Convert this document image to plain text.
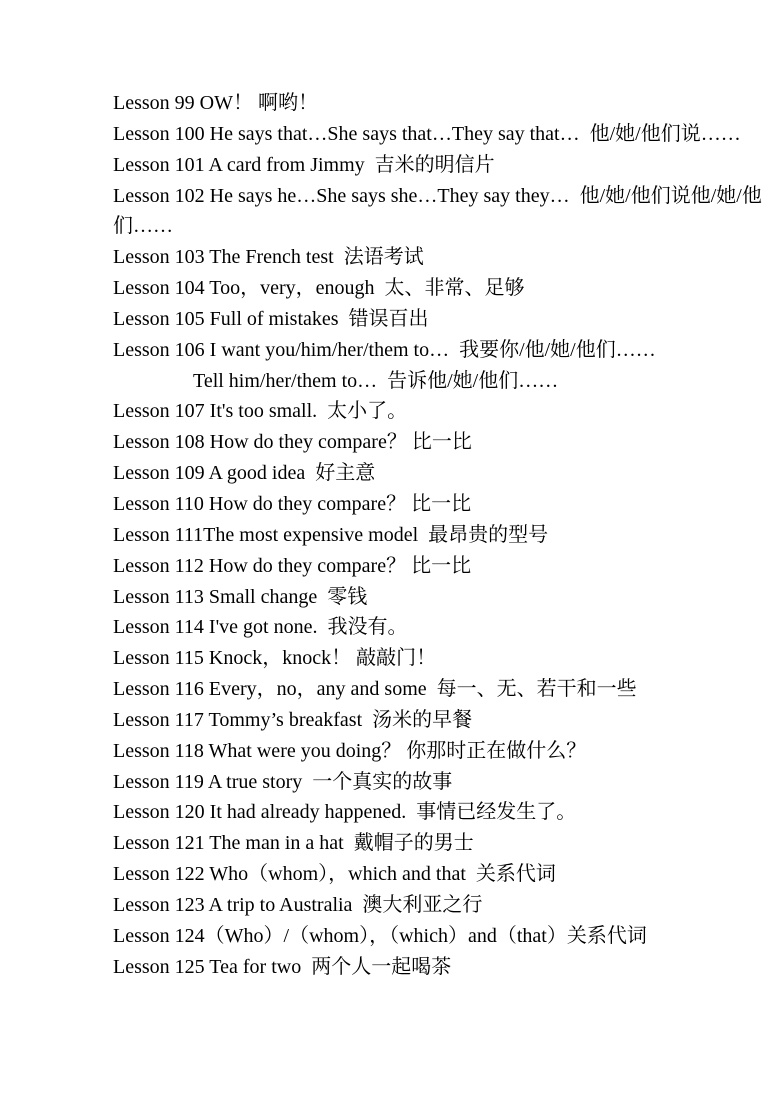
Lesson 99 OW！ 啊哟！
Lesson 100 He says that…She says that…They say that…  他/她/他们说……
Lesson 101 A card from Jimmy  吉米的明信片
Lesson 102 He says he…She says she…They say they…  他/她/他们说他/她/他
们……
Lesson 103 The French test  法语考试
Lesson 104 Too，very，enough  太、非常、足够
Lesson 105 Full of mistakes  错误百出
Lesson 106 I want you/him/her/them to…  我要你/他/她/他们……
Tell him/her/them to…  告诉他/她/他们……
Lesson 107 It's too small.  太小了。
Lesson 108 How do they compare？ 比一比
Lesson 109 A good idea  好主意
Lesson 110 How do they compare？ 比一比
Lesson 111The most expensive model  最昂贵的型号
Lesson 112 How do they compare？ 比一比
Lesson 113 Small change  零钱
Lesson 114 I've got none.  我没有。
Lesson 115 Knock，knock！ 敲敲门！
Lesson 116 Every，no，any and some  每一、无、若干和一些
Lesson 117 Tommy’s breakfast  汤米的早餐
Lesson 118 What were you doing？ 你那时正在做什么？
Lesson 119 A true story  一个真实的故事
Lesson 120 It had already happened.  事情已经发生了。
Lesson 121 The man in a hat  戴帽子的男士
Lesson 122 Who（whom），which and that  关系代词
Lesson 123 A trip to Australia  澳大利亚之行
Lesson 124（Who）/（whom），（which）and（that）关系代词
Lesson 125 Tea for two  两个人一起喝茶
